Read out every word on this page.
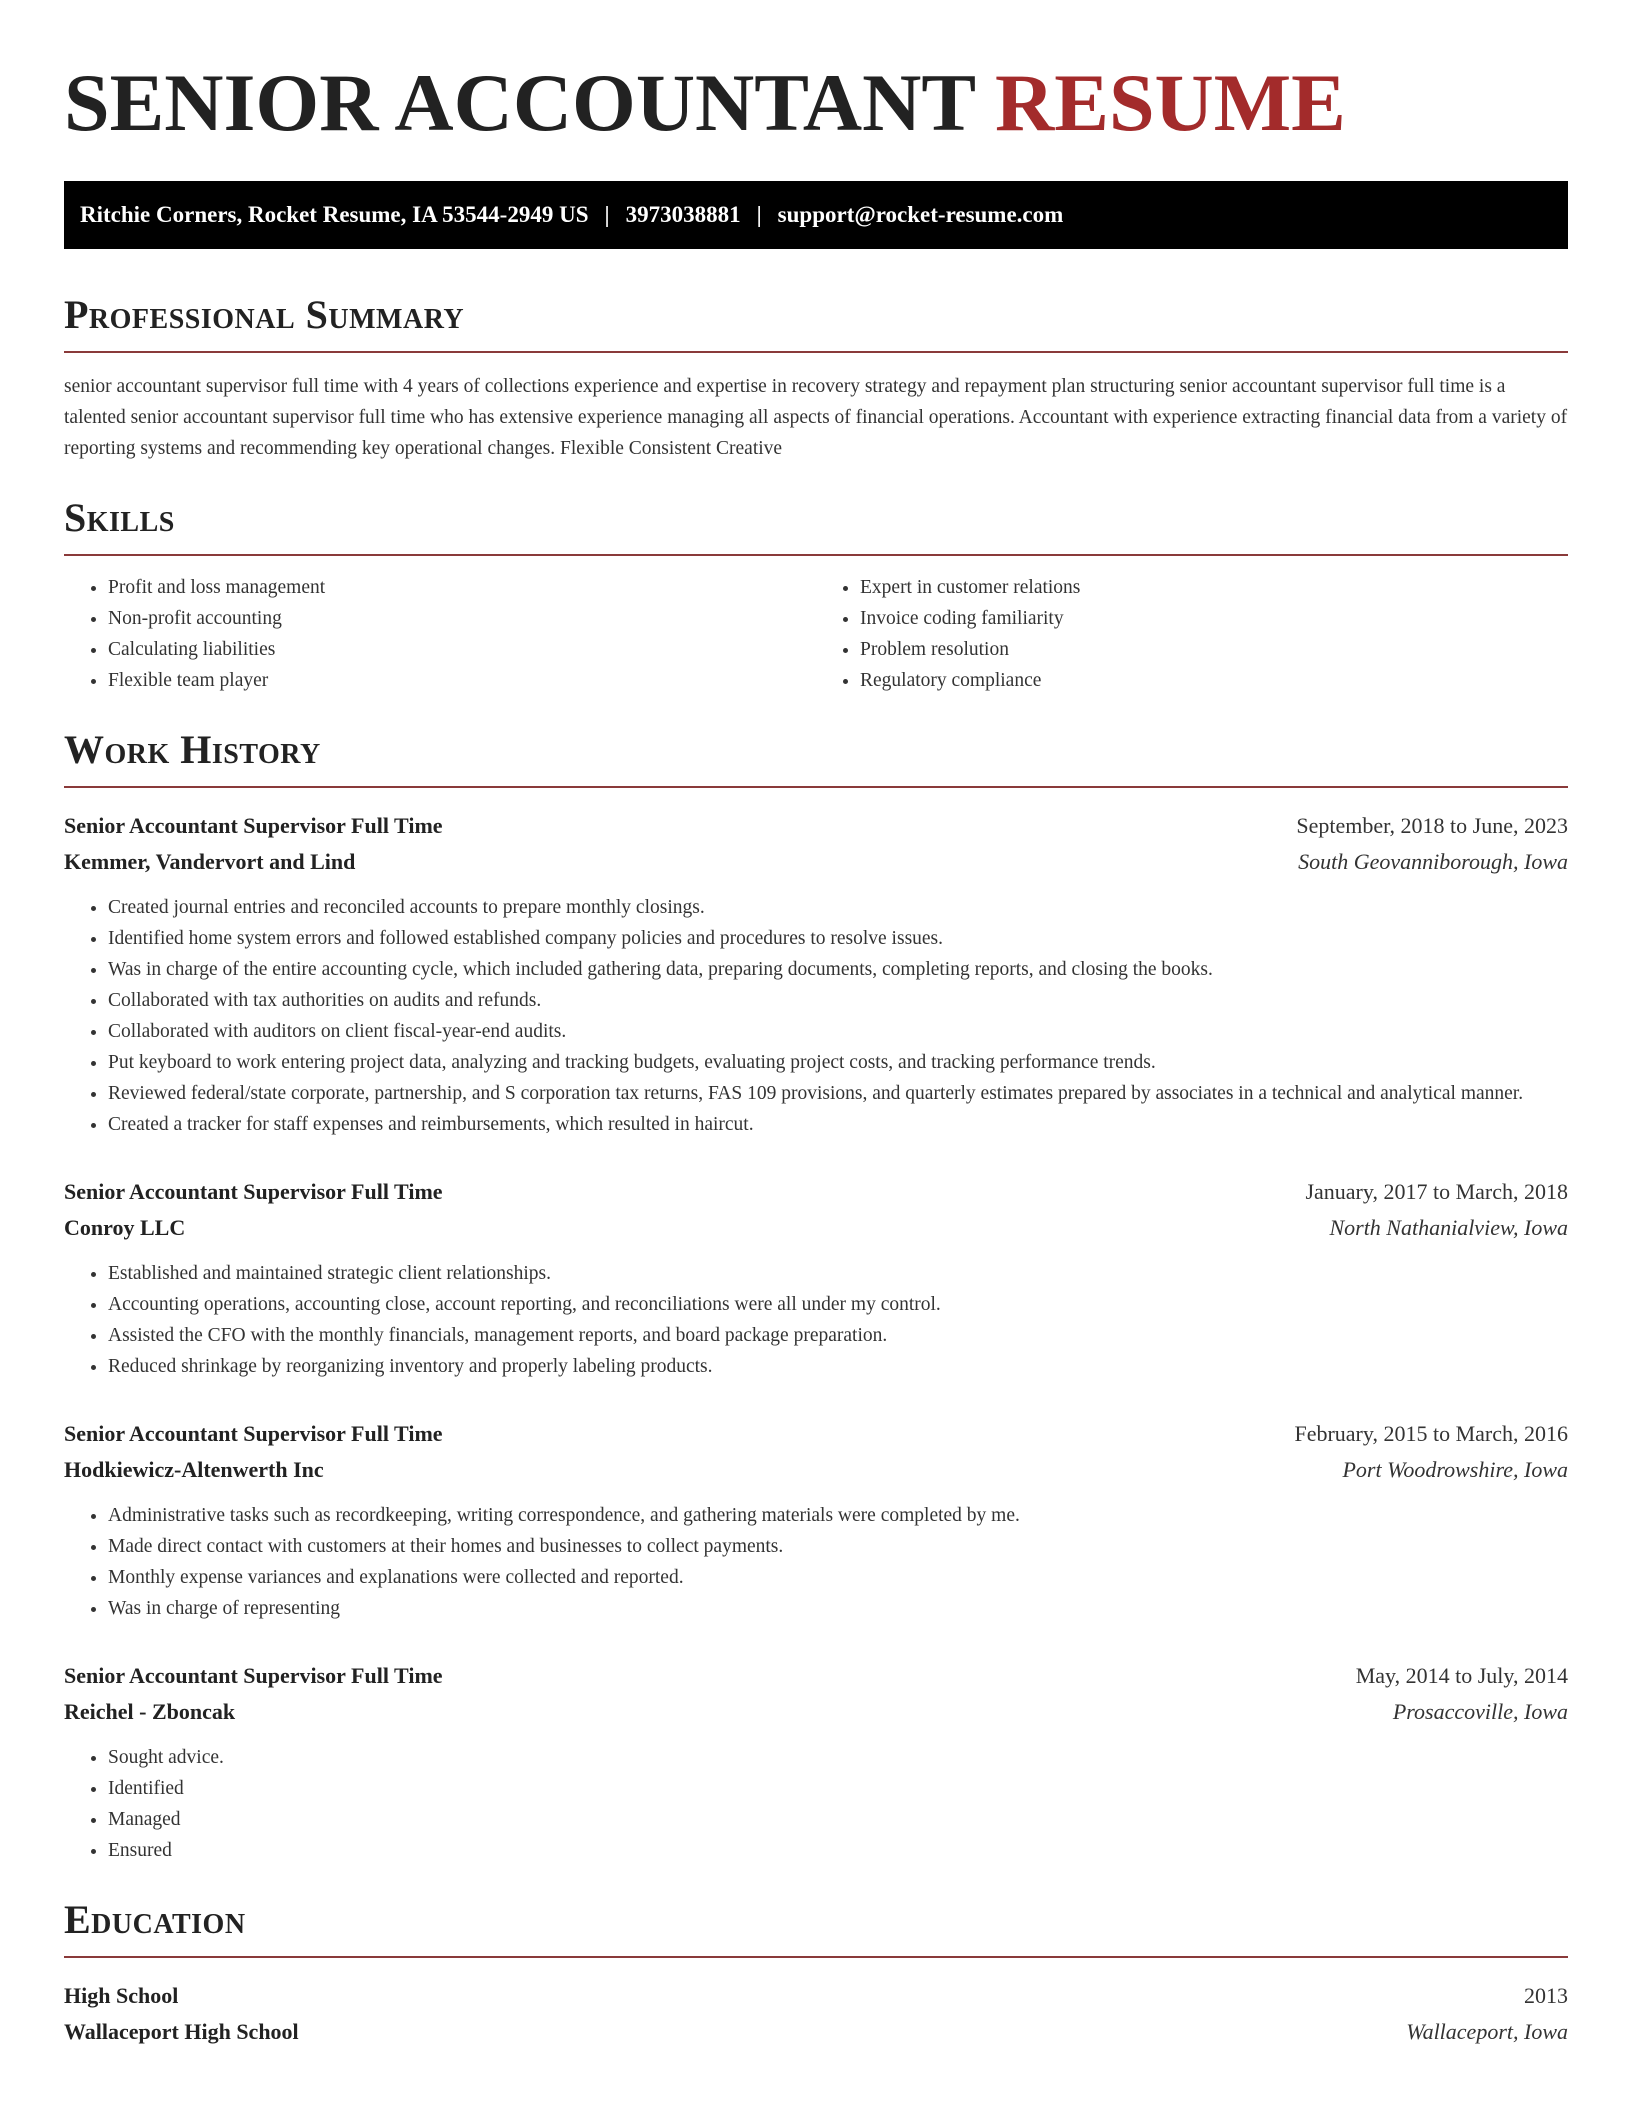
SENIOR ACCOUNTANT RESUME
Ritchie Corners, Rocket Resume, IA 53544-2949 US | 3973038881 | support@rocket-resume.com
Professional Summary

senior accountant supervisor full time with 4 years of collections experience and expertise in recovery strategy and repayment plan structuring senior accountant supervisor full time is a talented senior accountant supervisor full time who has extensive experience managing all aspects of financial operations. Accountant with experience extracting financial data from a variety of reporting systems and recommending key operational changes. Flexible Consistent Creative

Skills
• Profit and loss management
• Non-profit accounting
• Calculating liabilities
• Flexible team player
• Expert in customer relations
• Invoice coding familiarity
• Problem resolution
• Regulatory compliance
Work History
Senior Accountant Supervisor Full Time	September, 2018 to June, 2023
Kemmer, Vandervort and Lind	South Geovanniborough, Iowa
• Created journal entries and reconciled accounts to prepare monthly closings.
• Identified home system errors and followed established company policies and procedures to resolve issues.
• Was in charge of the entire accounting cycle, which included gathering data, preparing documents, completing reports, and closing the books.
• Collaborated with tax authorities on audits and refunds.
• Collaborated with auditors on client fiscal-year-end audits.
• Put keyboard to work entering project data, analyzing and tracking budgets, evaluating project costs, and tracking performance trends.
• Reviewed federal/state corporate, partnership, and S corporation tax returns, FAS 109 provisions, and quarterly estimates prepared by associates in a technical and analytical manner.
• Created a tracker for staff expenses and reimbursements, which resulted in haircut.
Senior Accountant Supervisor Full Time	January, 2017 to March, 2018
Conroy LLC	North Nathanialview, Iowa
• Established and maintained strategic client relationships.
• Accounting operations, accounting close, account reporting, and reconciliations were all under my control.
• Assisted the CFO with the monthly financials, management reports, and board package preparation.
• Reduced shrinkage by reorganizing inventory and properly labeling products.
Senior Accountant Supervisor Full Time	February, 2015 to March, 2016
Hodkiewicz-Altenwerth Inc	Port Woodrowshire, Iowa
• Administrative tasks such as recordkeeping, writing correspondence, and gathering materials were completed by me.
• Made direct contact with customers at their homes and businesses to collect payments.
• Monthly expense variances and explanations were collected and reported.
• Was in charge of representing
Senior Accountant Supervisor Full Time	May, 2014 to July, 2014
Reichel - Zboncak	Prosaccoville, Iowa
• Sought advice.
• Identified
• Managed
• Ensured
Education
High School	2013
Wallaceport High School	Wallaceport, Iowa
